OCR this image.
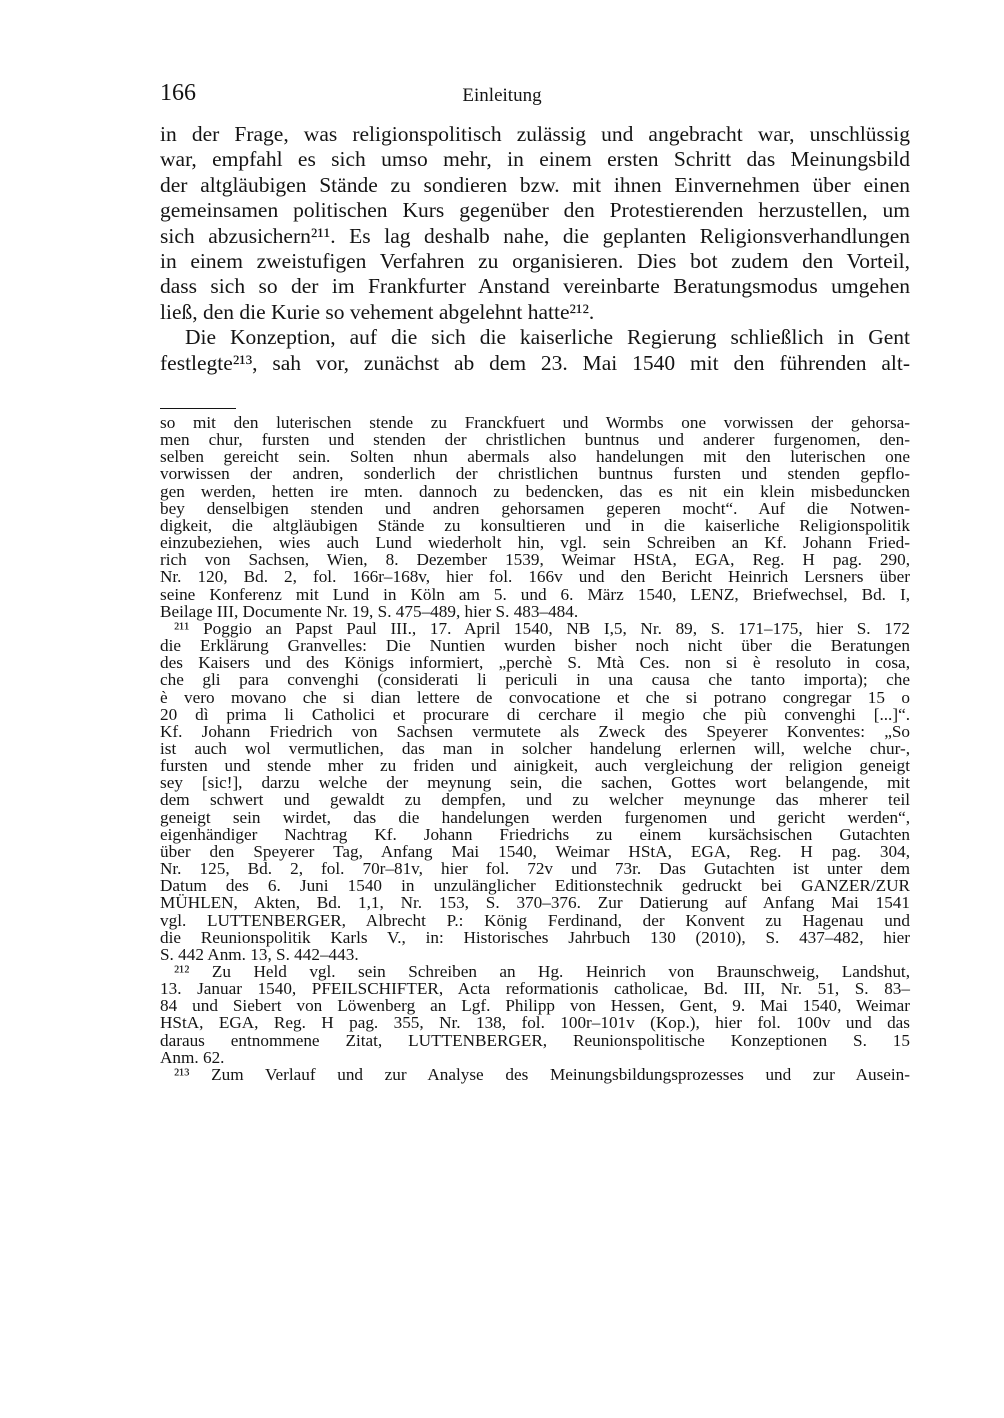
166	Einleitung
in der Frage, was religionspolitisch zulässig und angebracht war, unschlüssig
war, empfahl es sich umso mehr, in einem ersten Schritt das Meinungsbild
der altgläubigen Stände zu sondieren bzw. mit ihnen Einvernehmen über einen
gemeinsamen politischen Kurs gegenüber den Protestierenden herzustellen, um
sich abzusichern²¹¹. Es lag deshalb nahe, die geplanten Religionsverhandlungen
in einem zweistufigen Verfahren zu organisieren. Dies bot zudem den Vorteil,
dass sich so der im Frankfurter Anstand vereinbarte Beratungsmodus umgehen
ließ, den die Kurie so vehement abgelehnt hatte²¹².
Die Konzeption, auf die sich die kaiserliche Regierung schließlich in Gent
festlegte²¹³, sah vor, zunächst ab dem 23. Mai 1540 mit den führenden alt-
so mit den luterischen stende zu Franckfuert und Wormbs one vorwissen der gehorsa-
men chur, fursten und stenden der christlichen buntnus und anderer furgenomen, den-
selben gereicht sein. Solten nhun abermals also handelungen mit den luterischen one
vorwissen der andren, sonderlich der christlichen buntnus fursten und stenden gepflo-
gen werden, hetten ire mten. dannoch zu bedencken, das es nit ein klein misbeduncken
bey denselbigen stenden und andren gehorsamen geperen mocht“. Auf die Notwen-
digkeit, die altgläubigen Stände zu konsultieren und in die kaiserliche Religionspolitik
einzubeziehen, wies auch Lund wiederholt hin, vgl. sein Schreiben an Kf. Johann Fried-
rich von Sachsen, Wien, 8. Dezember 1539, Weimar HStA, EGA, Reg. H pag. 290,
Nr. 120, Bd. 2, fol. 166r–168v, hier fol. 166v und den Bericht Heinrich Lersners über
seine Konferenz mit Lund in Köln am 5. und 6. März 1540, LENZ, Briefwechsel, Bd. I,
Beilage III, Documente Nr. 19, S. 475–489, hier S. 483–484.
²¹¹ Poggio an Papst Paul III., 17. April 1540, NB I,5, Nr. 89, S. 171–175, hier S. 172
die Erklärung Granvelles: Die Nuntien wurden bisher noch nicht über die Beratungen
des Kaisers und des Königs informiert, „perchè S. Mtà Ces. non si è resoluto in cosa,
che gli para convenghi (considerati li periculi in una causa che tanto importa); che
è vero movano che si dian lettere de convocatione et che si potrano congregar 15 o
20 dì prima li Catholici et procurare di cerchare il megio che più convenghi [...]“.
Kf. Johann Friedrich von Sachsen vermutete als Zweck des Speyerer Konventes: „So
ist auch wol vermutlichen, das man in solcher handelung erlernen will, welche chur-,
fursten und stende mher zu friden und ainigkeit, auch vergleichung der religion geneigt
sey [sic!], darzu welche der meynung sein, die sachen, Gottes wort belangende, mit
dem schwert und gewaldt zu dempfen, und zu welcher meynunge das mherer teil
geneigt sein wirdet, das die handelungen werden furgenomen und gericht werden“,
eigenhändiger Nachtrag Kf. Johann Friedrichs zu einem kursächsischen Gutachten
über den Speyerer Tag, Anfang Mai 1540, Weimar HStA, EGA, Reg. H pag. 304,
Nr. 125, Bd. 2, fol. 70r–81v, hier fol. 72v und 73r. Das Gutachten ist unter dem
Datum des 6. Juni 1540 in unzulänglicher Editionstechnik gedruckt bei GANZER/ZUR
MÜHLEN, Akten, Bd. 1,1, Nr. 153, S. 370–376. Zur Datierung auf Anfang Mai 1541
vgl. LUTTENBERGER, Albrecht P.: König Ferdinand, der Konvent zu Hagenau und
die Reunionspolitik Karls V., in: Historisches Jahrbuch 130 (2010), S. 437–482, hier
S. 442 Anm. 13, S. 442–443.
²¹² Zu Held vgl. sein Schreiben an Hg. Heinrich von Braunschweig, Landshut,
13. Januar 1540, PFEILSCHIFTER, Acta reformationis catholicae, Bd. III, Nr. 51, S. 83–
84 und Siebert von Löwenberg an Lgf. Philipp von Hessen, Gent, 9. Mai 1540, Weimar
HStA, EGA, Reg. H pag. 355, Nr. 138, fol. 100r–101v (Kop.), hier fol. 100v und das
daraus entnommene Zitat, LUTTENBERGER, Reunionspolitische Konzeptionen S. 15
Anm. 62.
²¹³ Zum Verlauf und zur Analyse des Meinungsbildungsprozesses und zur Ausein-
